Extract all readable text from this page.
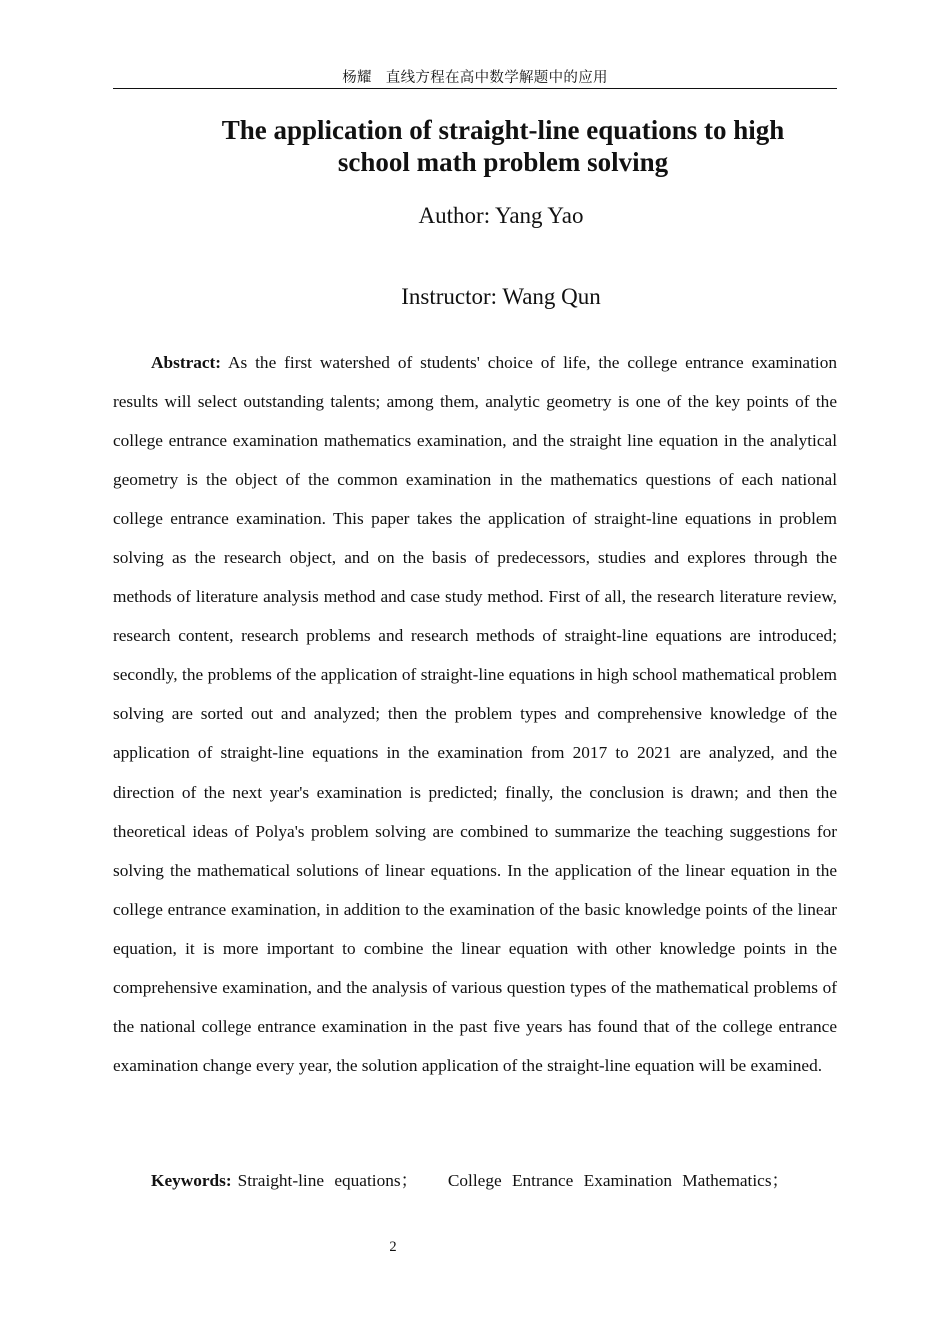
杨耀 直线方程在高中数学解题中的应用
The application of straight-line equations to high
school math problem solving
Author: Yang Yao
Instructor: Wang Qun

Abstract: As the first watershed of students' choice of life, the college entrance examination results will select outstanding talents; among them, analytic geometry is one of the key points of the college entrance examination mathematics examination, and the straight line equation in the analytical geometry is the object of the common examination in the mathematics questions of each national college entrance examination. This paper takes the application of straight-line equations in problem solving as the research object, and on the basis of predecessors, studies and explores through the methods of literature analysis method and case study method. First of all, the research literature review, research content, research problems and research methods of straight-line equations are introduced; secondly, the problems of the application of straight-line equations in high school mathematical problem solving are sorted out and analyzed; then the problem types and comprehensive knowledge of the application of straight-line equations in the examination from 2017 to 2021 are analyzed, and the direction of the next year's examination is predicted; finally, the conclusion is drawn; and then the theoretical ideas of Polya's problem solving are combined to summarize the teaching suggestions for solving the mathematical solutions of linear equations. In the application of the linear equation in the college entrance examination, in addition to the examination of the basic knowledge points of the linear equation, it is more important to combine the linear equation with other knowledge points in the comprehensive examination, and the analysis of various question types of the mathematical problems of the national college entrance examination in the past five years has found that of the college entrance examination change every year, the solution application of the straight-line equation will be examined.

Keywords: Straight-line equations； College Entrance Examination Mathematics；

2
